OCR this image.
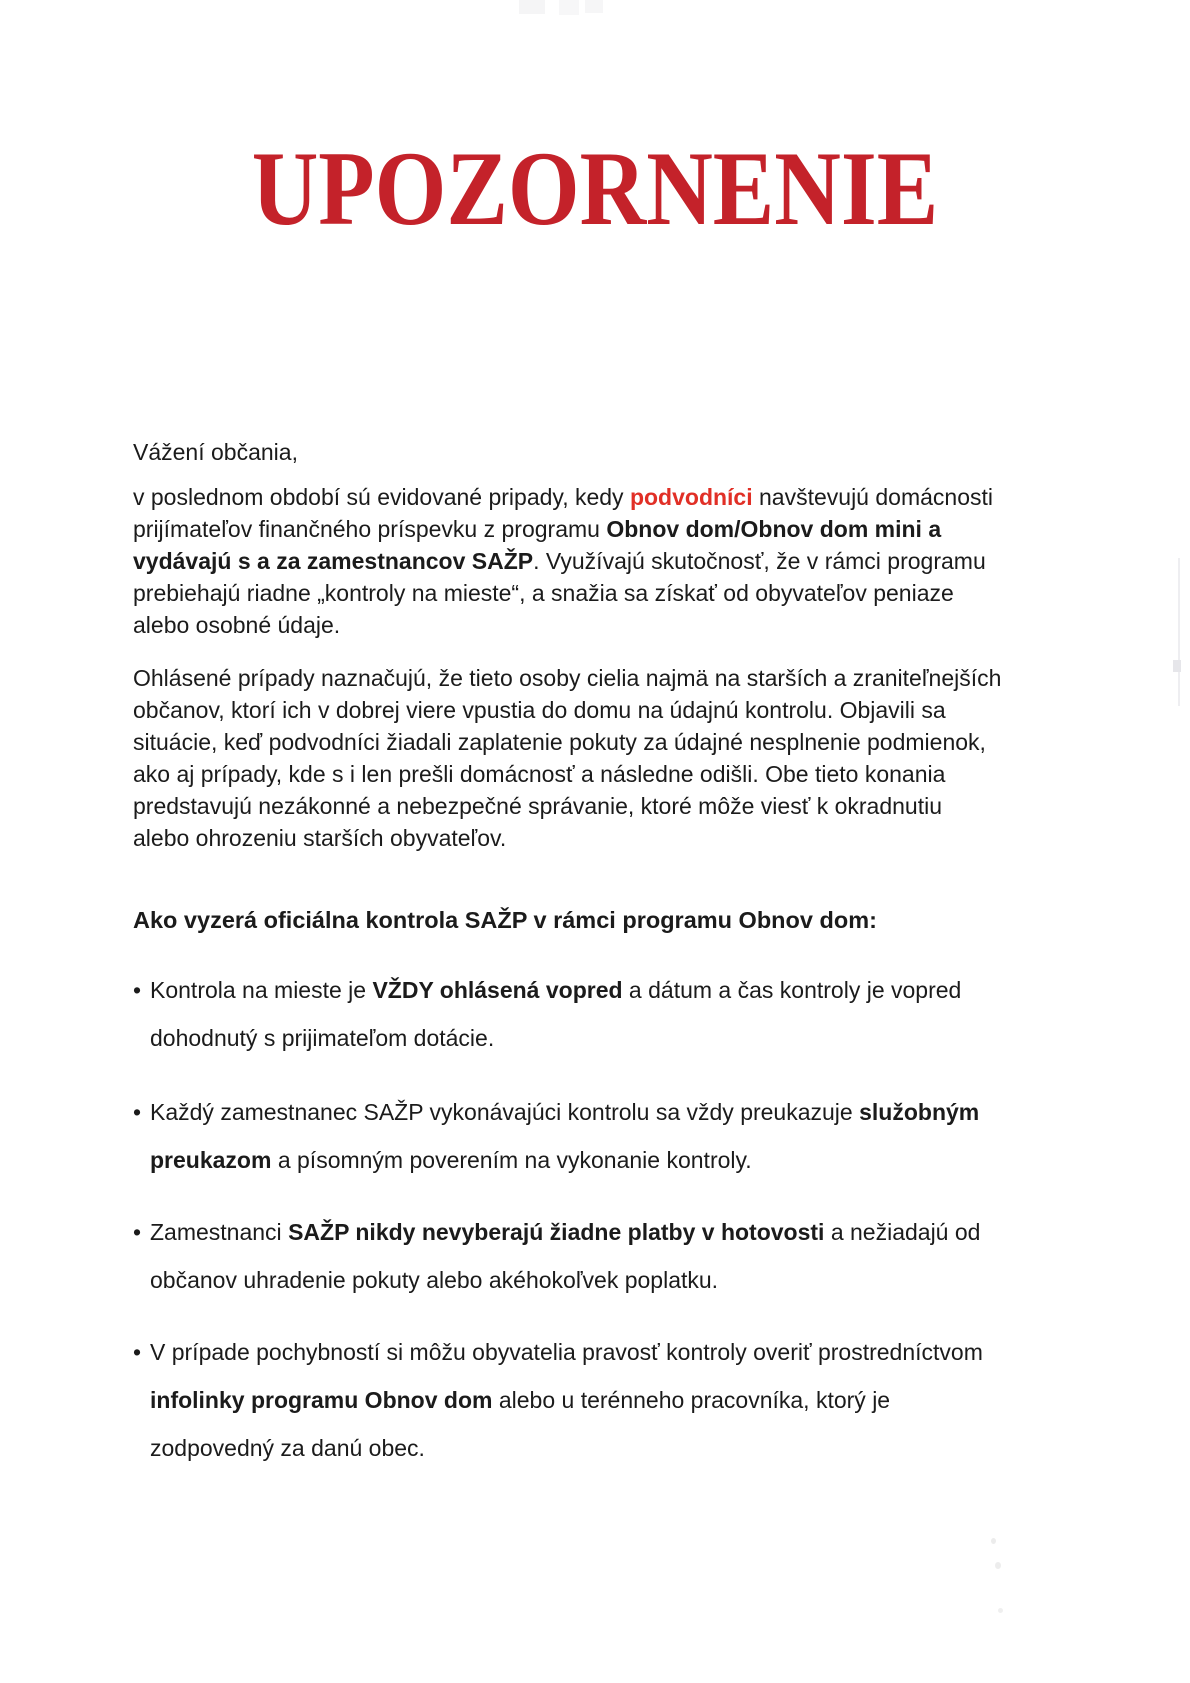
UPOZORNENIE

Vážení občania,

v poslednom období sú evidované pripady, kedy podvodníci navštevujú domácnosti
prijímateľov finančného príspevku z programu Obnov dom/Obnov dom mini a
vydávajú s a za zamestnancov SAŽP. Využívajú skutočnosť, že v rámci programu
prebiehajú riadne „kontroly na mieste“, a snažia sa získať od obyvateľov peniaze
alebo osobné údaje.
Ohlásené prípady naznačujú, že tieto osoby cielia najmä na starších a zraniteľnejších
občanov, ktorí ich v dobrej viere vpustia do domu na údajnú kontrolu. Objavili sa
situácie, keď podvodníci žiadali zaplatenie pokuty za údajné nesplnenie podmienok,
ako aj prípady, kde s i len prešli domácnosť a následne odišli. Obe tieto konania
predstavujú nezákonné a nebezpečné správanie, ktoré môže viesť k okradnutiu
alebo ohrozeniu starších obyvateľov.
Ako vyzerá oficiálna kontrola SAŽP v rámci programu Obnov dom:
• Kontrola na mieste je VŽDY ohlásená vopred a dátum a čas kontroly je vopred
dohodnutý s prijimateľom dotácie.
• Každý zamestnanec SAŽP vykonávajúci kontrolu sa vždy preukazuje služobným
preukazom a písomným poverením na vykonanie kontroly.
• Zamestnanci SAŽP nikdy nevyberajú žiadne platby v hotovosti a nežiadajú od
občanov uhradenie pokuty alebo akéhokoľvek poplatku.
• V prípade pochybností si môžu obyvatelia pravosť kontroly overiť prostredníctvom
infolinky programu Obnov dom alebo u terénneho pracovníka, ktorý je
zodpovedný za danú obec.
